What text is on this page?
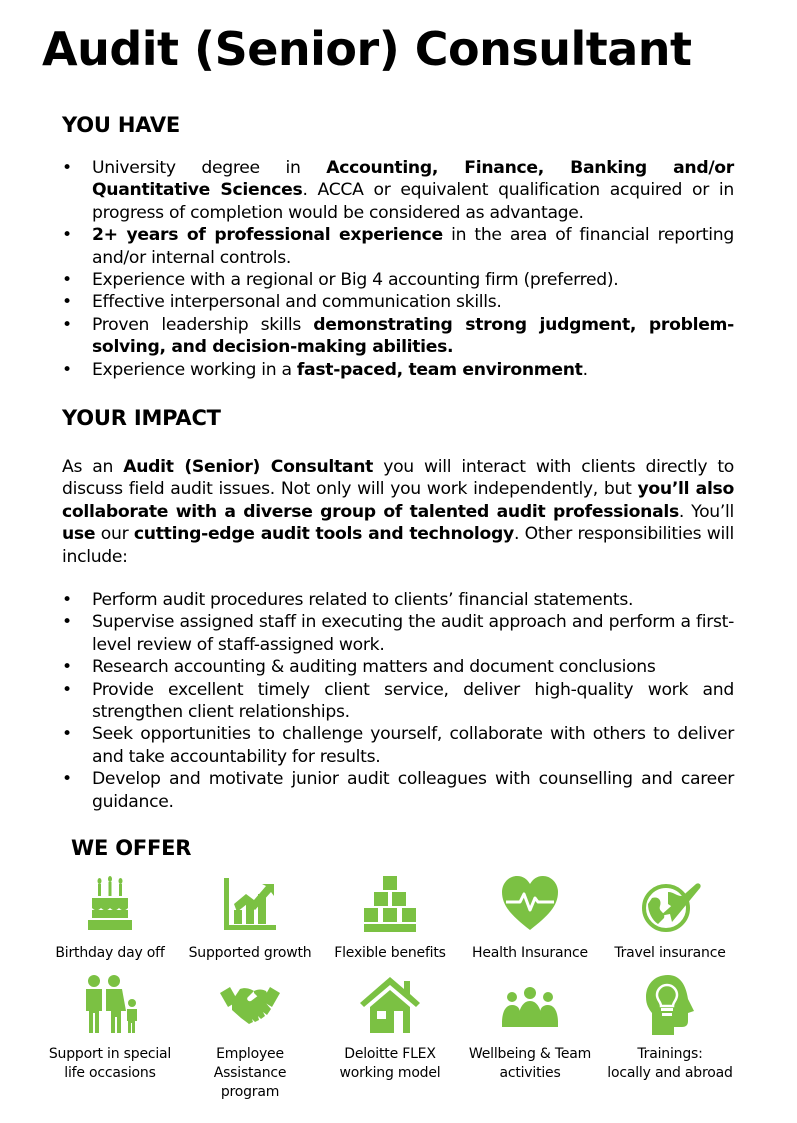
Audit (Senior) Consultant
YOU HAVE
• University degree in Accounting, Finance, Banking and/or Quantitative Sciences. ACCA or equivalent qualification acquired or in progress of completion would be considered as advantage.
• 2+ years of professional experience in the area of financial reporting and/or internal controls.
• Experience with a regional or Big 4 accounting firm (preferred).
• Effective interpersonal and communication skills.
• Proven leadership skills demonstrating strong judgment, problem-solving, and decision-making abilities.
• Experience working in a fast-paced, team environment.
YOUR IMPACT

As an Audit (Senior) Consultant you will interact with clients directly to discuss field audit issues. Not only will you work independently, but you’ll also collaborate with a diverse group of talented audit professionals. You’ll use our cutting-edge audit tools and technology. Other responsibilities will include:

• Perform audit procedures related to clients’ financial statements.
• Supervise assigned staff in executing the audit approach and perform a first-level review of staff-assigned work.
• Research accounting & auditing matters and document conclusions
• Provide excellent timely client service, deliver high-quality work and strengthen client relationships.
• Seek opportunities to challenge yourself, collaborate with others to deliver and take accountability for results.
• Develop and motivate junior audit colleagues with counselling and career guidance.
WE OFFER
Birthday day off Supported growth Flexible benefits Health Insurance Travel insurance
Support in special
life occasions
Employee Assistance
program
Deloitte FLEX
working model
Wellbeing & Team
activities
Trainings:
locally and abroad
